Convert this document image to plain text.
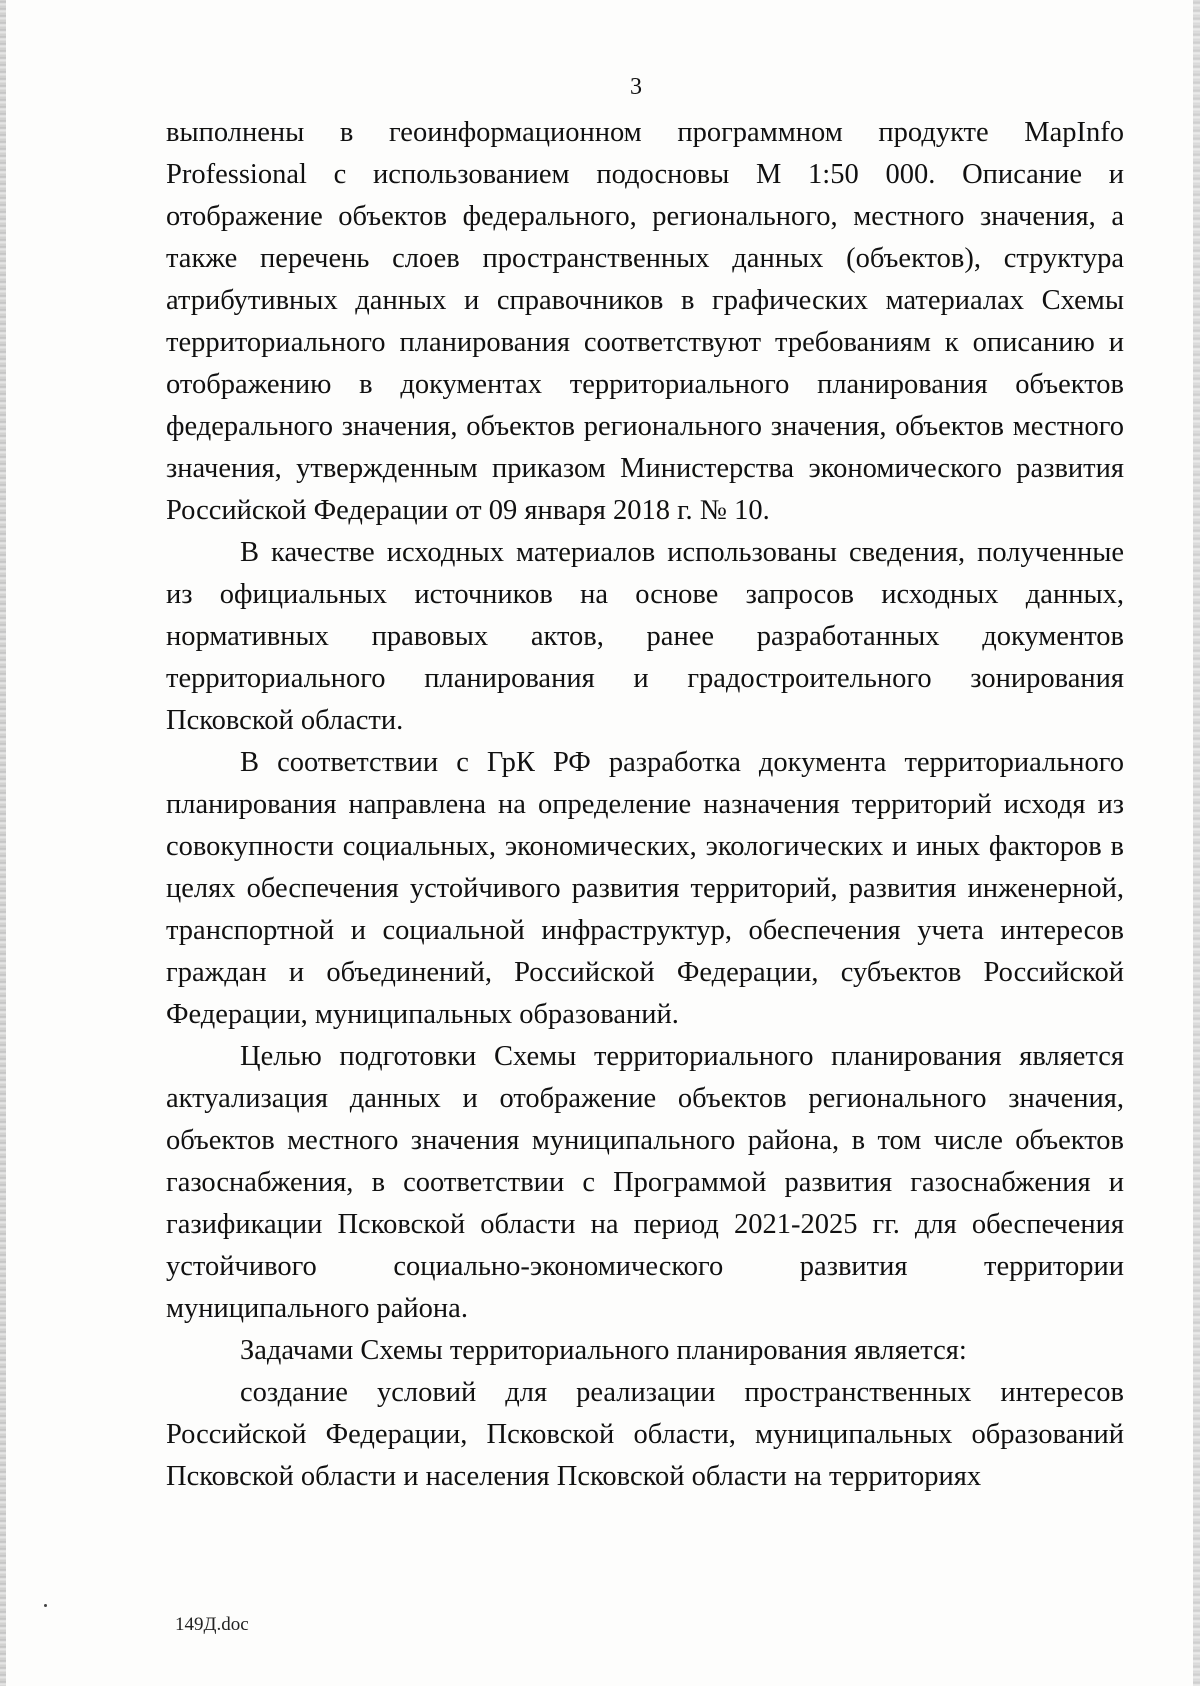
3

выполнены в геоинформационном программном продукте MapInfo Professional с использованием подосновы М 1:50 000. Описание и отображение объектов федерального, регионального, местного значения, а также перечень слоев пространственных данных (объектов), структура атрибутивных данных и справочников в графических материалах Схемы территориального планирования соответствуют требованиям к описанию и отображению в документах территориального планирования объектов федерального значения, объектов регионального значения, объектов местного значения, утвержденным приказом Министерства экономического развития Российской Федерации от 09 января 2018 г. № 10.

В качестве исходных материалов использованы сведения, полученные из официальных источников на основе запросов исходных данных, нормативных правовых актов, ранее разработанных документов территориального планирования и градостроительного зонирования Псковской области.

В соответствии с ГрК РФ разработка документа территориального планирования направлена на определение назначения территорий исходя из совокупности социальных, экономических, экологических и иных факторов в целях обеспечения устойчивого развития территорий, развития инженерной, транспортной и социальной инфраструктур, обеспечения учета интересов граждан и объединений, Российской Федерации, субъектов Российской Федерации, муниципальных образований.

Целью подготовки Схемы территориального планирования является актуализация данных и отображение объектов регионального значения, объектов местного значения муниципального района, в том числе объектов газоснабжения, в соответствии с Программой развития газоснабжения и газификации Псковской области на период 2021-2025 гг. для обеспечения устойчивого социально-экономического развития территории муниципального района.

Задачами Схемы территориального планирования является:

создание условий для реализации пространственных интересов Российской Федерации, Псковской области, муниципальных образований Псковской области и населения Псковской области на территориях

149Д.doc
